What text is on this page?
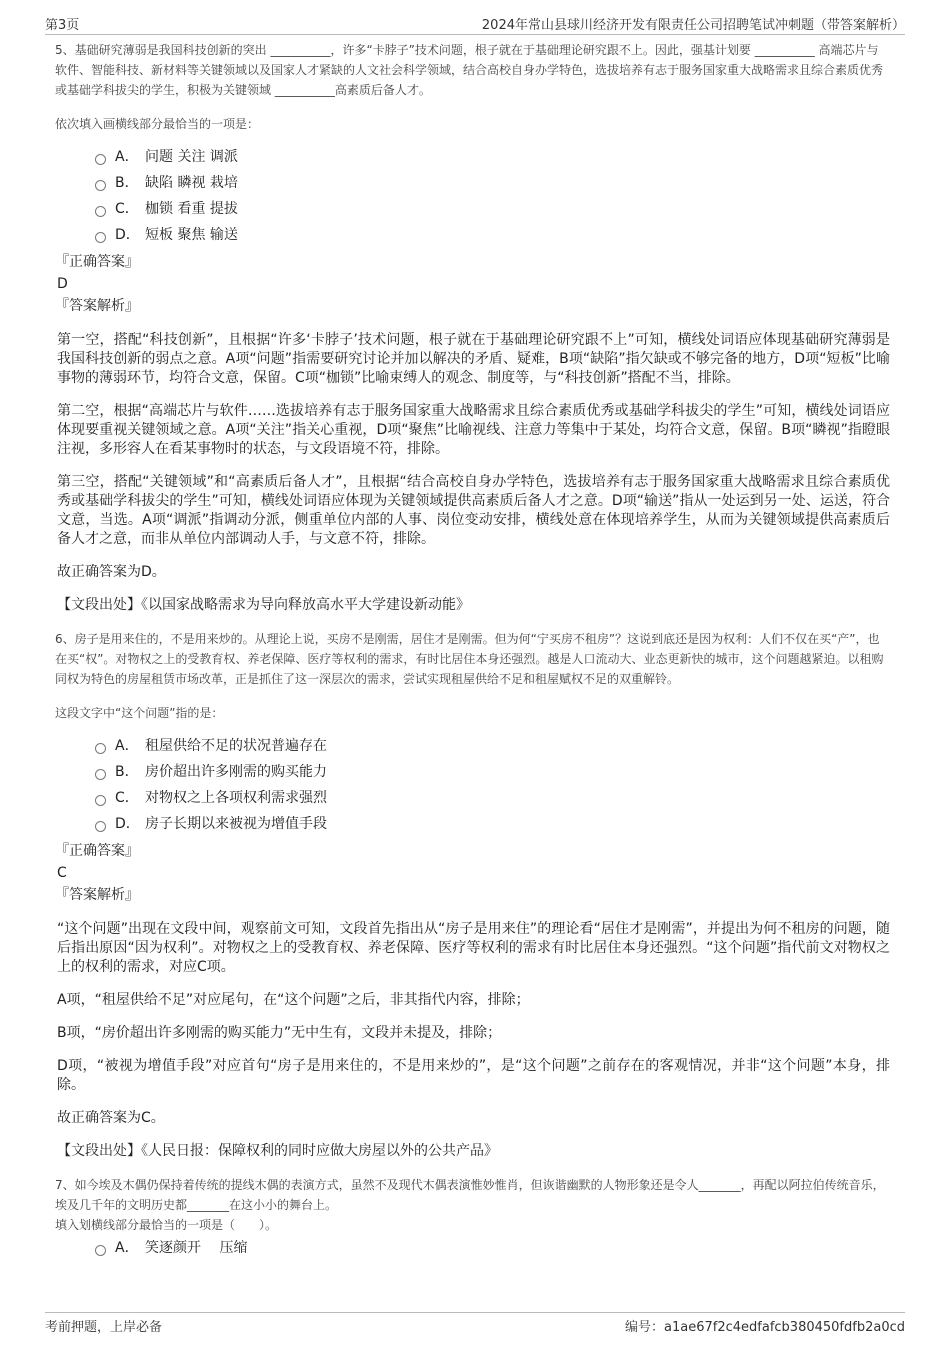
第3页	2024年常山县球川经济开发有限责任公司招聘笔试冲刺题（带答案解析）

5、基础研究薄弱是我国科技创新的突出 __________，许多“卡脖子”技术问题，根子就在于基础理论研究跟不上。因此，强基计划要 __________ 高端芯片与软件、智能科技、新材料等关键领域以及国家人才紧缺的人文社会科学领域，结合高校自身办学特色，选拔培养有志于服务国家重大战略需求且综合素质优秀或基础学科拔尖的学生，积极为关键领域 __________高素质后备人才。

依次填入画横线部分最恰当的一项是：

A． 问题 关注 调派
B． 缺陷 瞵视 栽培
C． 枷锁 看重 提拔
D． 短板 聚焦 输送
『正确答案』
D
『答案解析』

第一空，搭配“科技创新”，且根据“许多‘卡脖子’技术问题，根子就在于基础理论研究跟不上”可知，横线处词语应体现基础研究薄弱是我国科技创新的弱点之意。A项“问题”指需要研究讨论并加以解决的矛盾、疑难，B项“缺陷”指欠缺或不够完备的地方，D项“短板”比喻事物的薄弱环节，均符合文意，保留。C项“枷锁”比喻束缚人的观念、制度等，与“科技创新”搭配不当，排除。

第二空，根据“高端芯片与软件……选拔培养有志于服务国家重大战略需求且综合素质优秀或基础学科拔尖的学生”可知，横线处词语应体现要重视关键领域之意。A项“关注”指关心重视，D项“聚焦”比喻视线、注意力等集中于某处，均符合文意，保留。B项“瞵视”指瞪眼注视，多形容人在看某事物时的状态，与文段语境不符，排除。

第三空，搭配“关键领域”和“高素质后备人才”，且根据“结合高校自身办学特色，选拔培养有志于服务国家重大战略需求且综合素质优秀或基础学科拔尖的学生”可知，横线处词语应体现为关键领域提供高素质后备人才之意。D项“输送”指从一处运到另一处、运送，符合文意，当选。A项“调派”指调动分派，侧重单位内部的人事、岗位变动安排，横线处意在体现培养学生，从而为关键领域提供高素质后备人才之意，而非从单位内部调动人手，与文意不符，排除。

故正确答案为D。

【文段出处】《以国家战略需求为导向释放高水平大学建设新动能》

6、房子是用来住的，不是用来炒的。从理论上说，买房不是刚需，居住才是刚需。但为何“宁买房不租房”？这说到底还是因为权利：人们不仅在买“产”，也在买“权”。对物权之上的受教育权、养老保障、医疗等权利的需求，有时比居住本身还强烈。越是人口流动大、业态更新快的城市，这个问题越紧迫。以租购同权为特色的房屋租赁市场改革，正是抓住了这一深层次的需求，尝试实现租屋供给不足和租屋赋权不足的双重解铃。

这段文字中“这个问题”指的是：

A． 租屋供给不足的状况普遍存在
B． 房价超出许多刚需的购买能力
C． 对物权之上各项权利需求强烈
D． 房子长期以来被视为增值手段
『正确答案』
C
『答案解析』

“这个问题”出现在文段中间，观察前文可知，文段首先指出从“房子是用来住”的理论看“居住才是刚需”，并提出为何不租房的问题，随后指出原因“因为权利”。对物权之上的受教育权、养老保障、医疗等权利的需求有时比居住本身还强烈。“这个问题”指代前文对物权之上的权利的需求，对应C项。

A项，“租屋供给不足”对应尾句，在“这个问题”之后，非其指代内容，排除；

B项，“房价超出许多刚需的购买能力”无中生有，文段并未提及，排除；

D项，“被视为增值手段”对应首句“房子是用来住的，不是用来炒的”，是“这个问题”之前存在的客观情况，并非“这个问题”本身，排除。

故正确答案为C。

【文段出处】《人民日报：保障权利的同时应做大房屋以外的公共产品》

7、如今埃及木偶仍保持着传统的提线木偶的表演方式，虽然不及现代木偶表演惟妙惟肖，但诙谐幽默的人物形象还是令人_______，再配以阿拉伯传统音乐，埃及几千年的文明历史都_______在这小小的舞台上。

填入划横线部分最恰当的一项是（　　）。

A． 笑逐颜开　 压缩
考前押题，上岸必备	编号：a1ae67f2c4edfafcb380450fdfb2a0cd
